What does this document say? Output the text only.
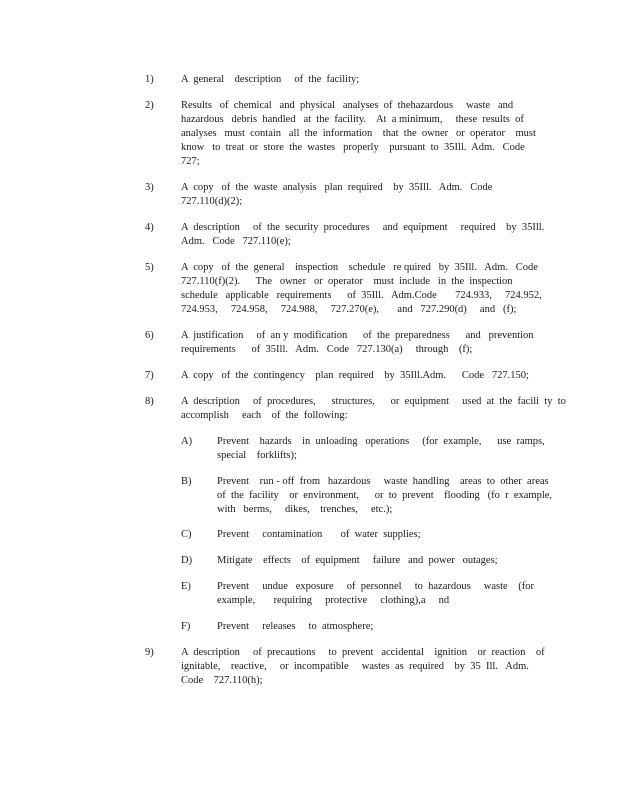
1)	A  general    description     of  the  facility;
2)	Results   of  chemical   and  physical   analyses  of  thehazardous     waste   and
hazardous   debris  handled   at  the  facility.    At  a minimum,     these  results  of
analyses   must  contain   all  the  information    that  the  owner   or  operator    must
know   to  treat  or  store  the  wastes   properly    pursuant  to  35Ill.  Adm.   Code
727;
3)	A  copy   of  the  waste  analysis   plan  required    by  35Ill.   Adm.   Code
727.110(d)(2);
4)	A  description     of  the  security  procedures     and  equipment     required    by  35Ill.
Adm.   Code   727.110(e);
5)	A  copy   of  the  general    inspection    schedule   re quired   by  35Ill.   Adm.   Code
727.110(f)(2).      The   owner   or  operator    must  include   in  the  inspection
schedule   applicable   requirements      of  35Ill.   Adm.Code       724.933,     724.952,
724.953,     724.958,     724.988,     727.270(e),       and   727.290(d)     and   (f);
6)	A  justification     of  an y  modification      of  the  preparedness      and   prevention
requirements      of  35Ill.   Adm.   Code   727.130(a)     through    (f);
7)	A  copy   of  the  contingency    plan  required    by  35Ill.Adm.      Code   727.150;
8)	A  description     of  procedures,      structures,      or  equipment     used  at  the  facili  ty  to
accomplish     each    of  the  following:
A) Prevent    hazards    in  unloading   operations     (for  example,      use  ramps,
special    forklifts);
B) Prevent    run - off  from   hazardous     waste  handling    areas  to  other  areas
of  the  facility    or  environment,      or  to  prevent    flooding   (fo  r  example,
with   berms,     dikes,    trenches,     etc.);
C) Prevent     contamination       of  water  supplies;
D) Mitigate    effects    of  equipment     failure   and  power   outages;
E) Prevent     undue   exposure     of  personnel     to  hazardous     waste    (for
example,       requiring     protective     clothing),a     nd
F)	Prevent     releases     to  atmosphere;
9)	A  description     of  precautions     to  prevent   accidental    ignition    or  reaction    of
ignitable,    reactive,     or  incompatible     wastes  as  required    by  35  Ill.   Adm.
Code    727.110(h);
